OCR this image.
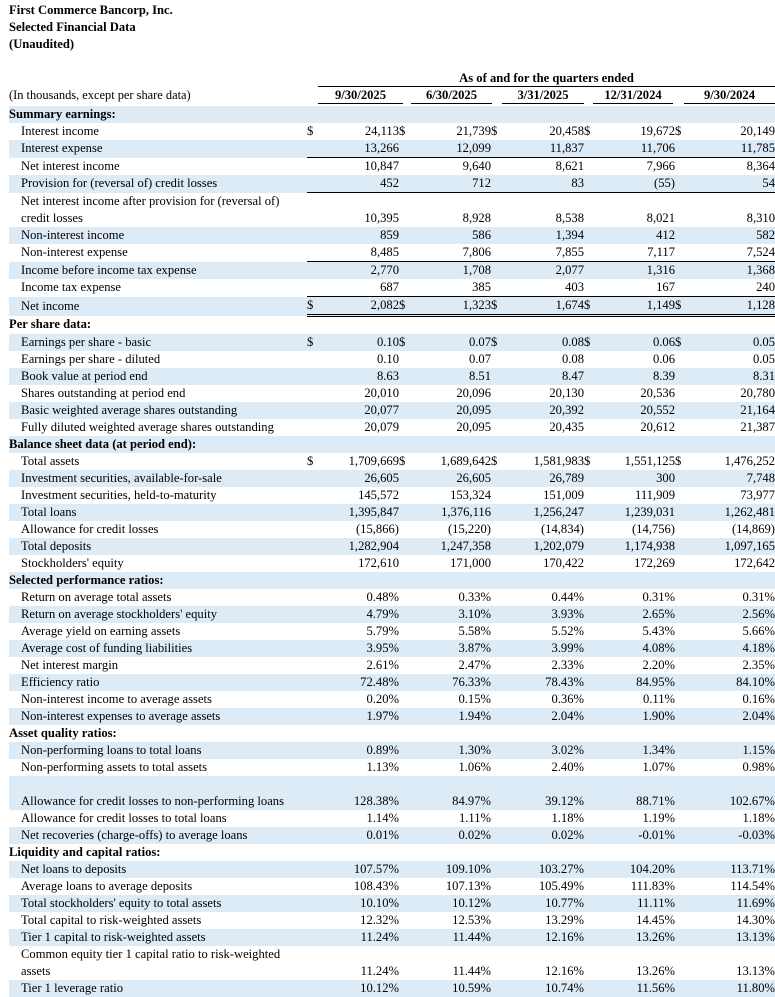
First Commerce Bancorp, Inc.
Selected Financial Data
(Unaudited)
As of and for the quarters ended
(In thousands, except per share data)	9/30/2025	6/30/2025	3/31/2025	12/31/2024	9/30/2024
Summary earnings:										
Interest income	$	24,113	$	21,739	$	20,458	$	19,672	$	20,149
Interest expense		13,266		12,099		11,837		11,706		11,785
Net interest income		10,847		9,640		8,621		7,966		8,364
Provision for (reversal of) credit losses		452		712		83		(55)		54
Net interest income after provision for (reversal of) credit losses		10,395		8,928		8,538		8,021		8,310
Non-interest income		859		586		1,394		412		582
Non-interest expense		8,485		7,806		7,855		7,117		7,524
Income before income tax expense		2,770		1,708		2,077		1,316		1,368
Income tax expense		687		385		403		167		240
Net income	$	2,082	$	1,323	$	1,674	$	1,149	$	1,128
Per share data:										
Earnings per share - basic	$	0.10	$	0.07	$	0.08	$	0.06	$	0.05
Earnings per share - diluted		0.10		0.07		0.08		0.06		0.05
Book value at period end		8.63		8.51		8.47		8.39		8.31
Shares outstanding at period end		20,010		20,096		20,130		20,536		20,780
Basic weighted average shares outstanding		20,077		20,095		20,392		20,552		21,164
Fully diluted weighted average shares outstanding		20,079		20,095		20,435		20,612		21,387
Balance sheet data (at period end):										
Total assets	$	1,709,669	$	1,689,642	$	1,581,983	$	1,551,125	$	1,476,252
Investment securities, available-for-sale		26,605		26,605		26,789		300		7,748
Investment securities, held-to-maturity		145,572		153,324		151,009		111,909		73,977
Total loans		1,395,847		1,376,116		1,256,247		1,239,031		1,262,481
Allowance for credit losses		(15,866)		(15,220)		(14,834)		(14,756)		(14,869)
Total deposits		1,282,904		1,247,358		1,202,079		1,174,938		1,097,165
Stockholders' equity		172,610		171,000		170,422		172,269		172,642
Selected performance ratios:										
Return on average total assets		0.48%		0.33%		0.44%		0.31%		0.31%
Return on average stockholders' equity		4.79%		3.10%		3.93%		2.65%		2.56%
Average yield on earning assets		5.79%		5.58%		5.52%		5.43%		5.66%
Average cost of funding liabilities		3.95%		3.87%		3.99%		4.08%		4.18%
Net interest margin		2.61%		2.47%		2.33%		2.20%		2.35%
Efficiency ratio		72.48%		76.33%		78.43%		84.95%		84.10%
Non-interest income to average assets		0.20%		0.15%		0.36%		0.11%		0.16%
Non-interest expenses to average assets		1.97%		1.94%		2.04%		1.90%		2.04%
Asset quality ratios:										
Non-performing loans to total loans		0.89%		1.30%		3.02%		1.34%		1.15%
Non-performing assets to total assets		1.13%		1.06%		2.40%		1.07%		0.98%
Allowance for credit losses to non-performing loans		128.38%		84.97%		39.12%		88.71%		102.67%
Allowance for credit losses to total loans		1.14%		1.11%		1.18%		1.19%		1.18%
Net recoveries (charge-offs) to average loans		0.01%		0.02%		0.02%		-0.01%		-0.03%
Liquidity and capital ratios:										
Net loans to deposits		107.57%		109.10%		103.27%		104.20%		113.71%
Average loans to average deposits		108.43%		107.13%		105.49%		111.83%		114.54%
Total stockholders' equity to total assets		10.10%		10.12%		10.77%		11.11%		11.69%
Total capital to risk-weighted assets		12.32%		12.53%		13.29%		14.45%		14.30%
Tier 1 capital to risk-weighted assets		11.24%		11.44%		12.16%		13.26%		13.13%
Common equity tier 1 capital ratio to risk-weighted assets		11.24%		11.44%		12.16%		13.26%		13.13%
Tier 1 leverage ratio		10.12%		10.59%		10.74%		11.56%		11.80%
